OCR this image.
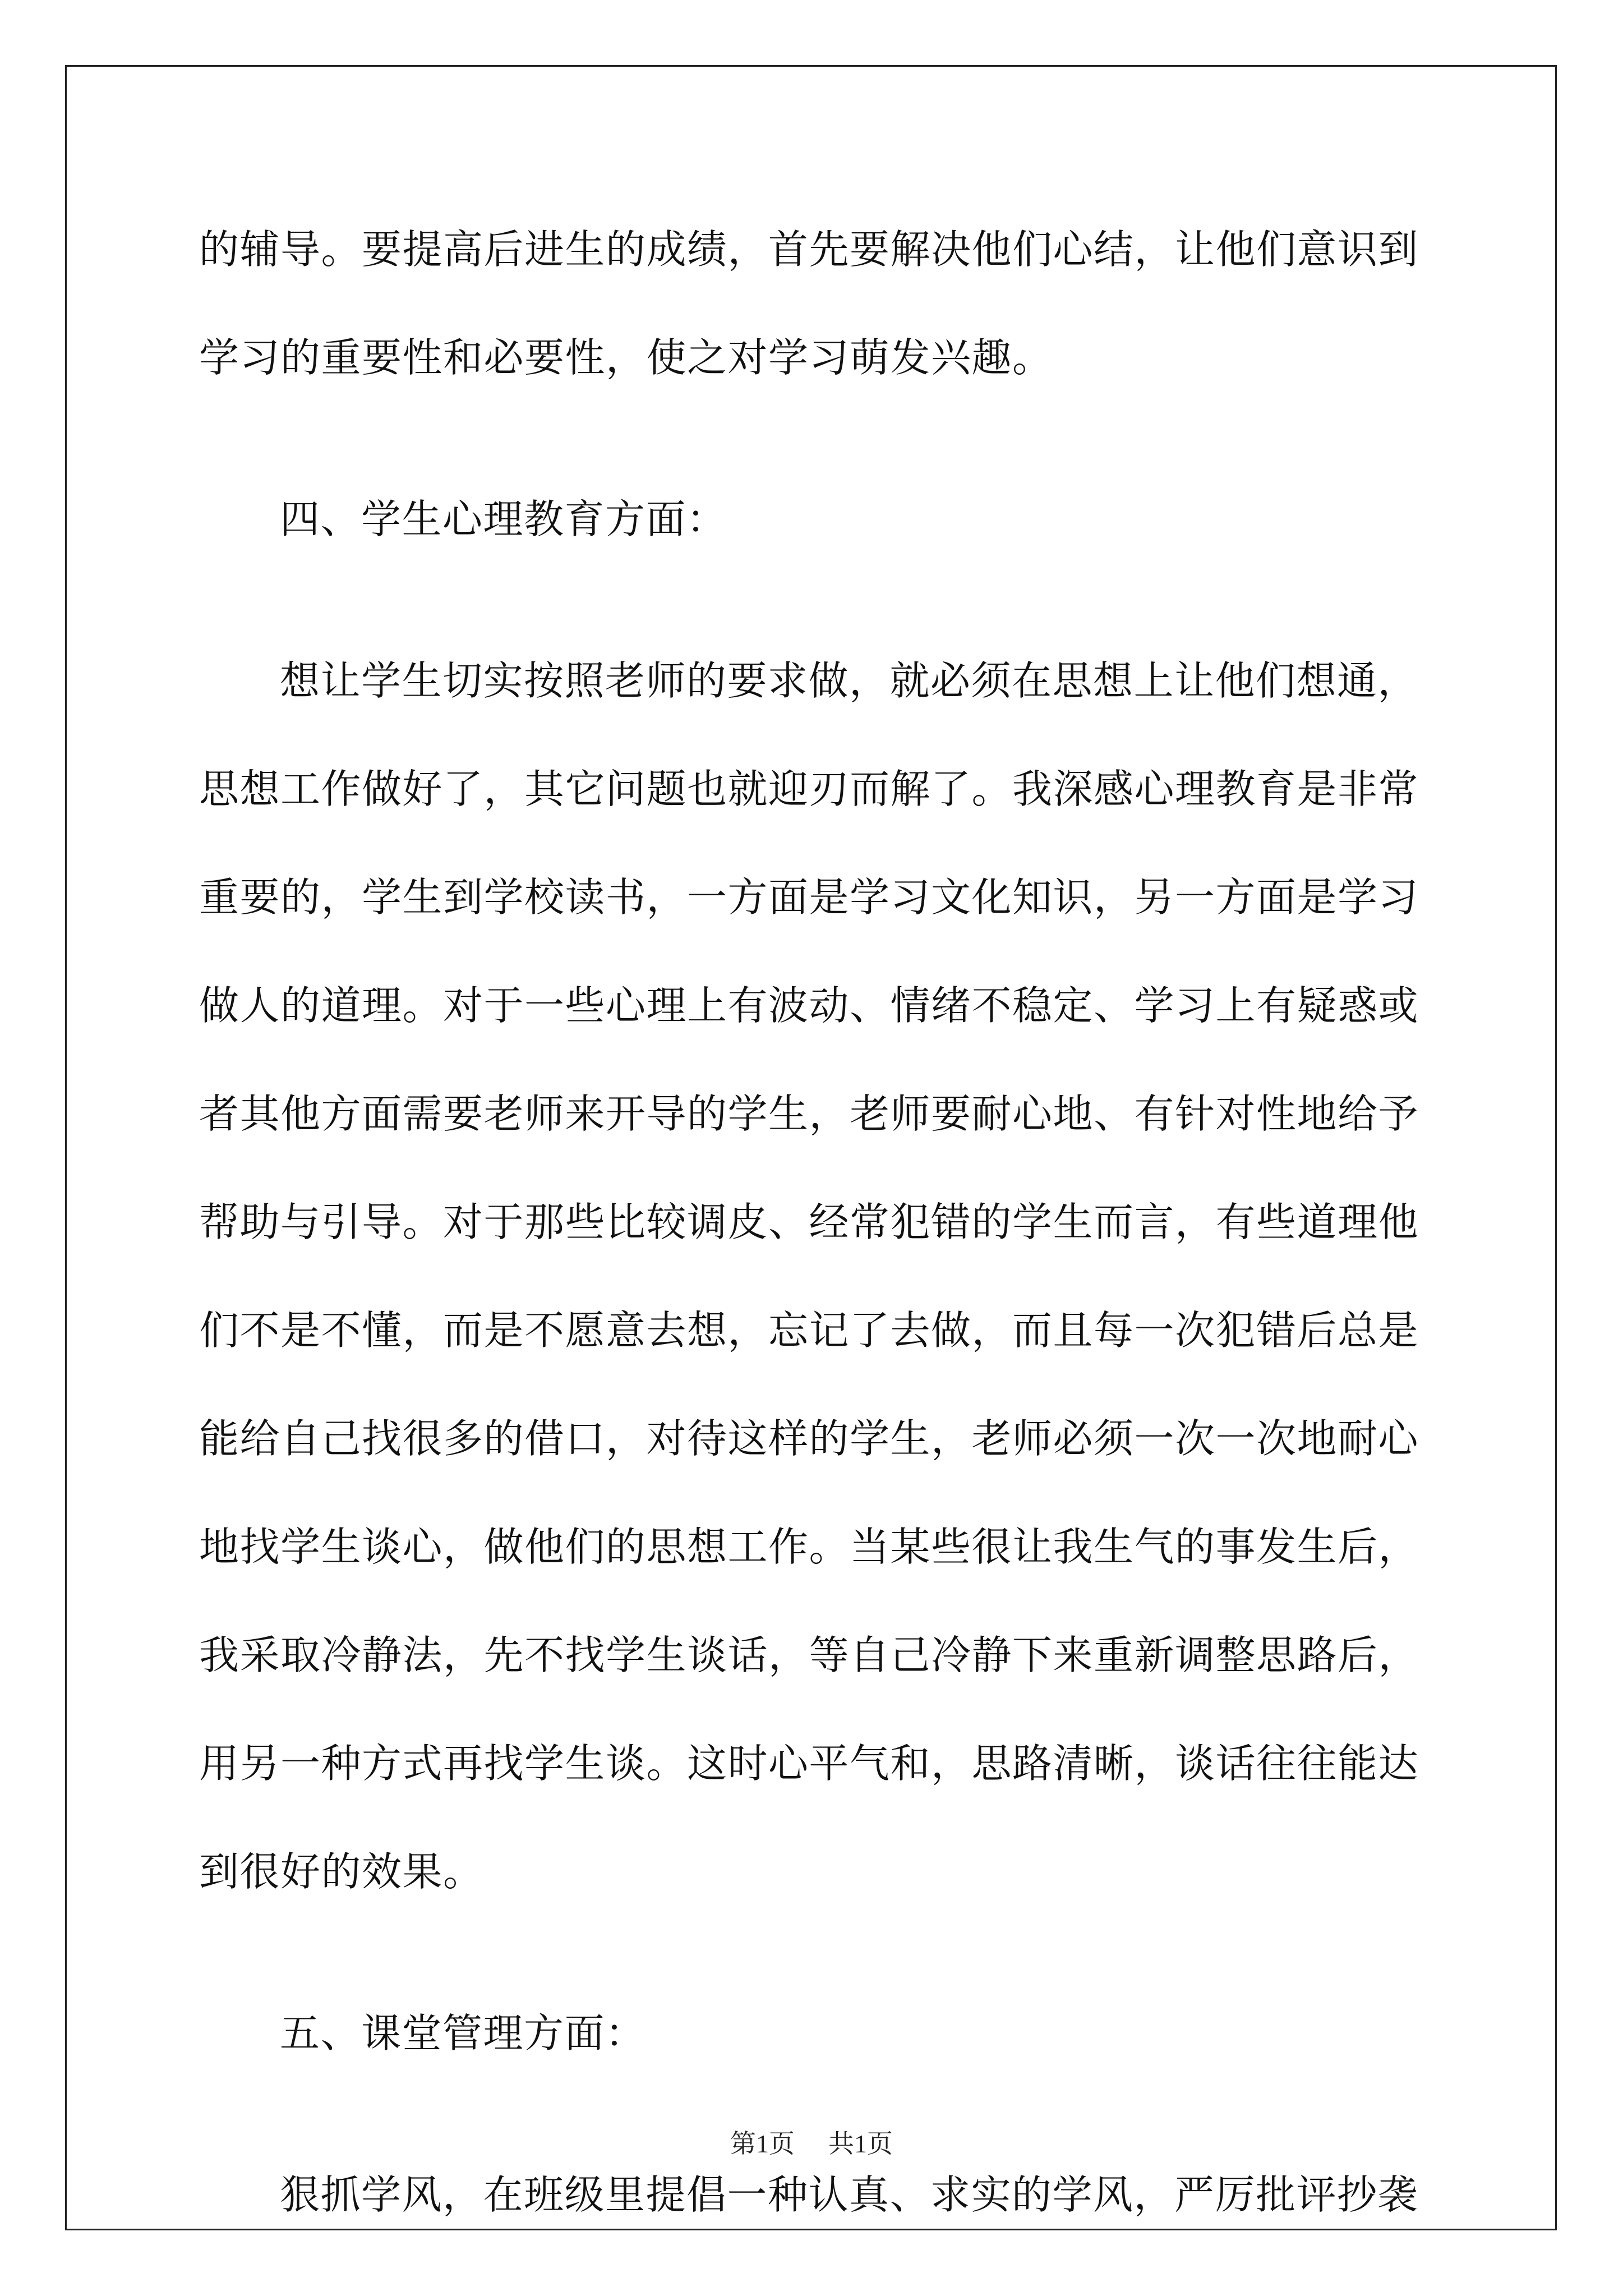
的辅导。要提高后进生的成绩，首先要解决他们心结，让他们意识到
学习的重要性和必要性，使之对学习萌发兴趣。
四、学生心理教育方面：
想让学生切实按照老师的要求做，就必须在思想上让他们想通，
思想工作做好了，其它问题也就迎刃而解了。我深感心理教育是非常
重要的，学生到学校读书，一方面是学习文化知识，另一方面是学习
做人的道理。对于一些心理上有波动、情绪不稳定、学习上有疑惑或
者其他方面需要老师来开导的学生，老师要耐心地、有针对性地给予
帮助与引导。对于那些比较调皮、经常犯错的学生而言，有些道理他
们不是不懂，而是不愿意去想，忘记了去做，而且每一次犯错后总是
能给自己找很多的借口，对待这样的学生，老师必须一次一次地耐心
地找学生谈心，做他们的思想工作。当某些很让我生气的事发生后，
我采取冷静法，先不找学生谈话，等自己冷静下来重新调整思路后，
用另一种方式再找学生谈。这时心平气和，思路清晰，谈话往往能达
到很好的效果。
五、课堂管理方面：
狠抓学风，在班级里提倡一种认真、求实的学风，严厉批评抄袭
第1页 共1页
